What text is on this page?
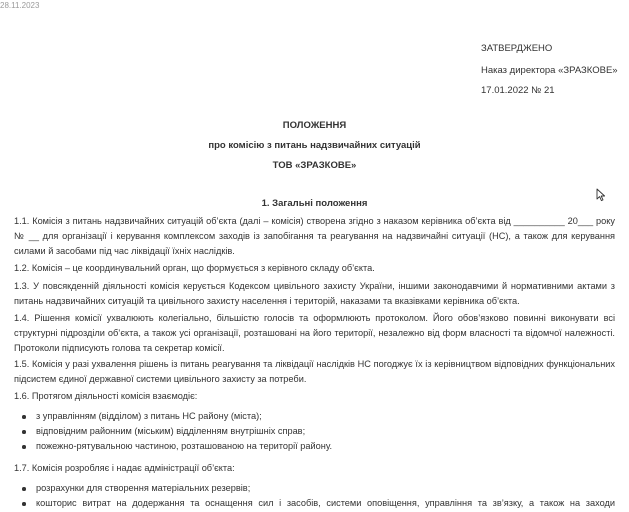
28.11.2023
ЗАТВЕРДЖЕНО
Наказ директора «ЗРАЗКОВЕ»
17.01.2022 № 21
ПОЛОЖЕННЯ
про комісію з питань надзвичайних ситуацій
ТОВ «ЗРАЗКОВЕ»
1. Загальні положення

1.1. Комісія з питань надзвичайних ситуацій об’єкта (далі – комісія) створена згідно з наказом керівника об’єкта від __________ 20___ року № __ для організації і керування комплексом заходів із запобігання та реагування на надзвичайні ситуації (НС), а також для керування силами й засобами під час ліквідації їхніх наслідків.

1.2. Комісія – це координувальний орган, що формується з керівного складу об’єкта.

1.3. У повсякденній діяльності комісія керується Кодексом цивільного захисту України, іншими законодавчими й нормативними актами з питань надзвичайних ситуацій та цивільного захисту населення і територій, наказами та вказівками керівника об’єкта.

1.4. Рішення комісії ухвалюють колегіально, більшістю голосів та оформлюють протоколом. Його обов’язково повинні виконувати всі структурні підрозділи об’єкта, а також усі організації, розташовані на його території, незалежно від форм власності та відомчої належності. Протоколи підписують голова та секретар комісії.

1.5. Комісія у разі ухвалення рішень із питань реагування та ліквідації наслідків НС погоджує їх із керівництвом відповідних функціональних підсистем єдиної державної системи цивільного захисту за потреби.

1.6. Протягом діяльності комісія взаємодіє:

з управлінням (відділом) з питань НС району (міста);
відповідним районним (міським) відділенням внутрішніх справ;
пожежно-рятувальною частиною, розташованою на території району.

1.7. Комісія розробляє і надає адміністрації об’єкта:

розрахунки для створення матеріальних резервів;
кошторис витрат на додержання та оснащення сил і засобів, системи оповіщення, управління та зв’язку, а також на заходи
